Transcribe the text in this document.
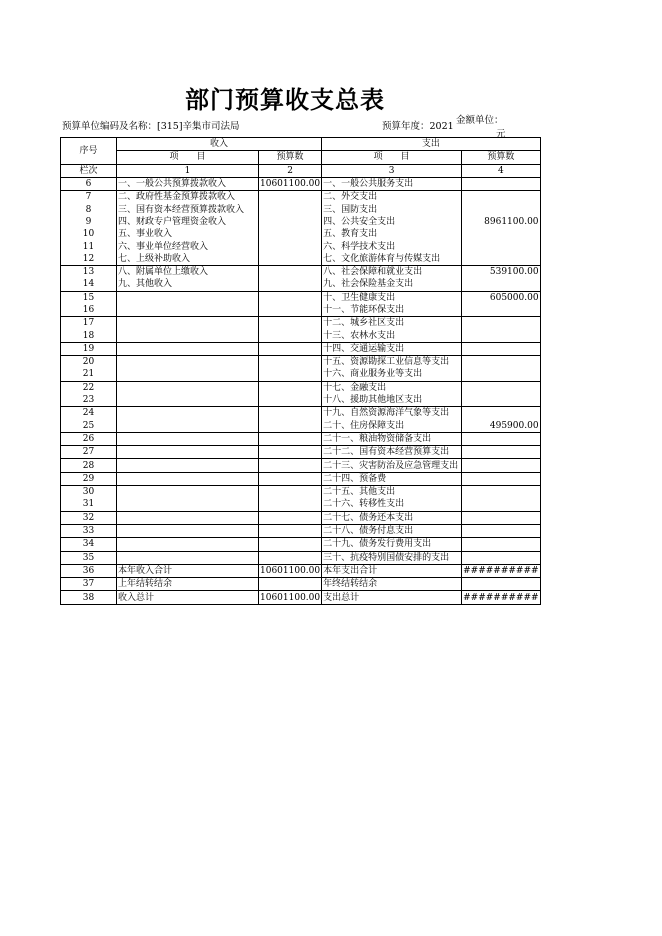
部门预算收支总表
预算单位编码及名称：[315]辛集市司法局	预算年度：2021
金额单位：
元
序号	收入		支出	
	项　　目	预算数	项　　目	预算数
栏次	1	2	3	4
6	一、一般公共预算拨款收入	10601100.00	一、一般公共服务支出	
7	二、政府性基金预算拨款收入		二、外交支出	
8	三、国有资本经营预算拨款收入		三、国防支出	
9	四、财政专户管理资金收入		四、公共安全支出	8961100.00
10	五、事业收入		五、教育支出	
11	六、事业单位经营收入		六、科学技术支出	
12	七、上级补助收入		七、文化旅游体育与传媒支出	
13	八、附属单位上缴收入		八、社会保障和就业支出	539100.00
14	九、其他收入		九、社会保险基金支出	
15			十、卫生健康支出	605000.00
16			十一、节能环保支出	
17			十二、城乡社区支出	
18			十三、农林水支出	
19			十四、交通运输支出	
20			十五、资源勘探工业信息等支出	
21			十六、商业服务业等支出	
22			十七、金融支出	
23			十八、援助其他地区支出	
24			十九、自然资源海洋气象等支出	
25			二十、住房保障支出	495900.00
26			二十一、粮油物资储备支出	
27			二十二、国有资本经营预算支出	
28			二十三、灾害防治及应急管理支出	
29			二十四、预备费	
30			二十五、其他支出	
31			二十六、转移性支出	
32			二十七、债务还本支出	
33			二十八、债务付息支出	
34			二十九、债务发行费用支出	
35			三十、抗疫特别国债安排的支出	
36	本年收入合计	10601100.00	本年支出合计	##########
37	上年结转结余		年终结转结余	
38	收入总计	10601100.00	支出总计	##########
